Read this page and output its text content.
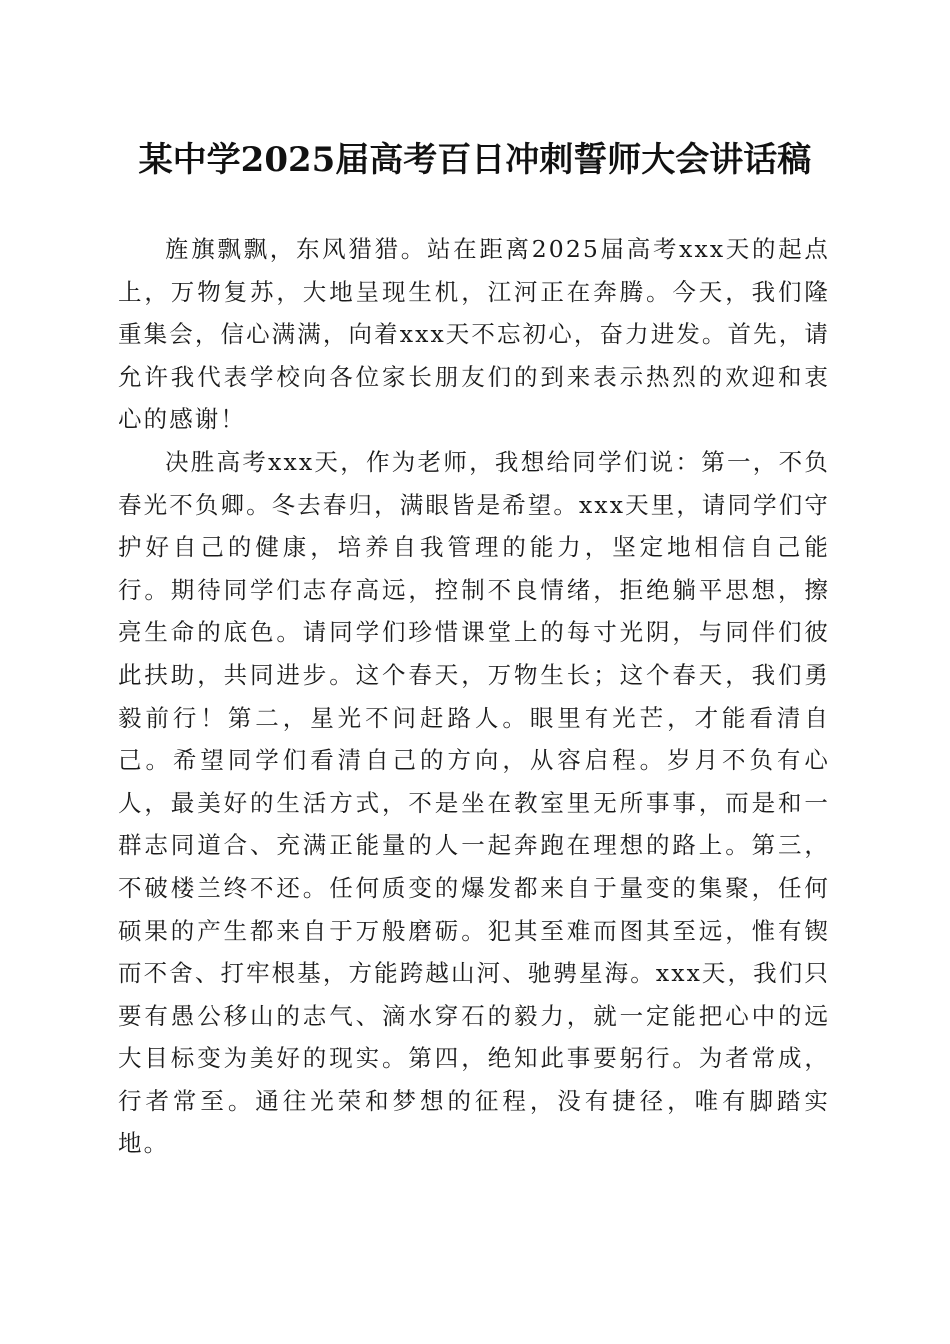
某中学2025届高考百日冲刺誓师大会讲话稿

旌旗飘飘，东风猎猎。站在距离2025届高考xxx天的起点上，万物复苏，大地呈现生机，江河正在奔腾。今天，我们隆重集会，信心满满，向着xxx天不忘初心，奋力进发。首先，请允许我代表学校向各位家长朋友们的到来表示热烈的欢迎和衷心的感谢！

决胜高考xxx天，作为老师，我想给同学们说：第一，不负春光不负卿。冬去春归，满眼皆是希望。xxx天里，请同学们守护好自己的健康，培养自我管理的能力，坚定地相信自己能行。期待同学们志存高远，控制不良情绪，拒绝躺平思想，擦亮生命的底色。请同学们珍惜课堂上的每寸光阴，与同伴们彼此扶助，共同进步。这个春天，万物生长；这个春天，我们勇毅前行！第二，星光不问赶路人。眼里有光芒，才能看清自己。希望同学们看清自己的方向，从容启程。岁月不负有心人，最美好的生活方式，不是坐在教室里无所事事，而是和一群志同道合、充满正能量的人一起奔跑在理想的路上。第三，不破楼兰终不还。任何质变的爆发都来自于量变的集聚，任何硕果的产生都来自于万般磨砺。犯其至难而图其至远，惟有锲而不舍、打牢根基，方能跨越山河、驰骋星海。xxx天，我们只要有愚公移山的志气、滴水穿石的毅力，就一定能把心中的远大目标变为美好的现实。第四，绝知此事要躬行。为者常成，行者常至。通往光荣和梦想的征程，没有捷径，唯有脚踏实地。
